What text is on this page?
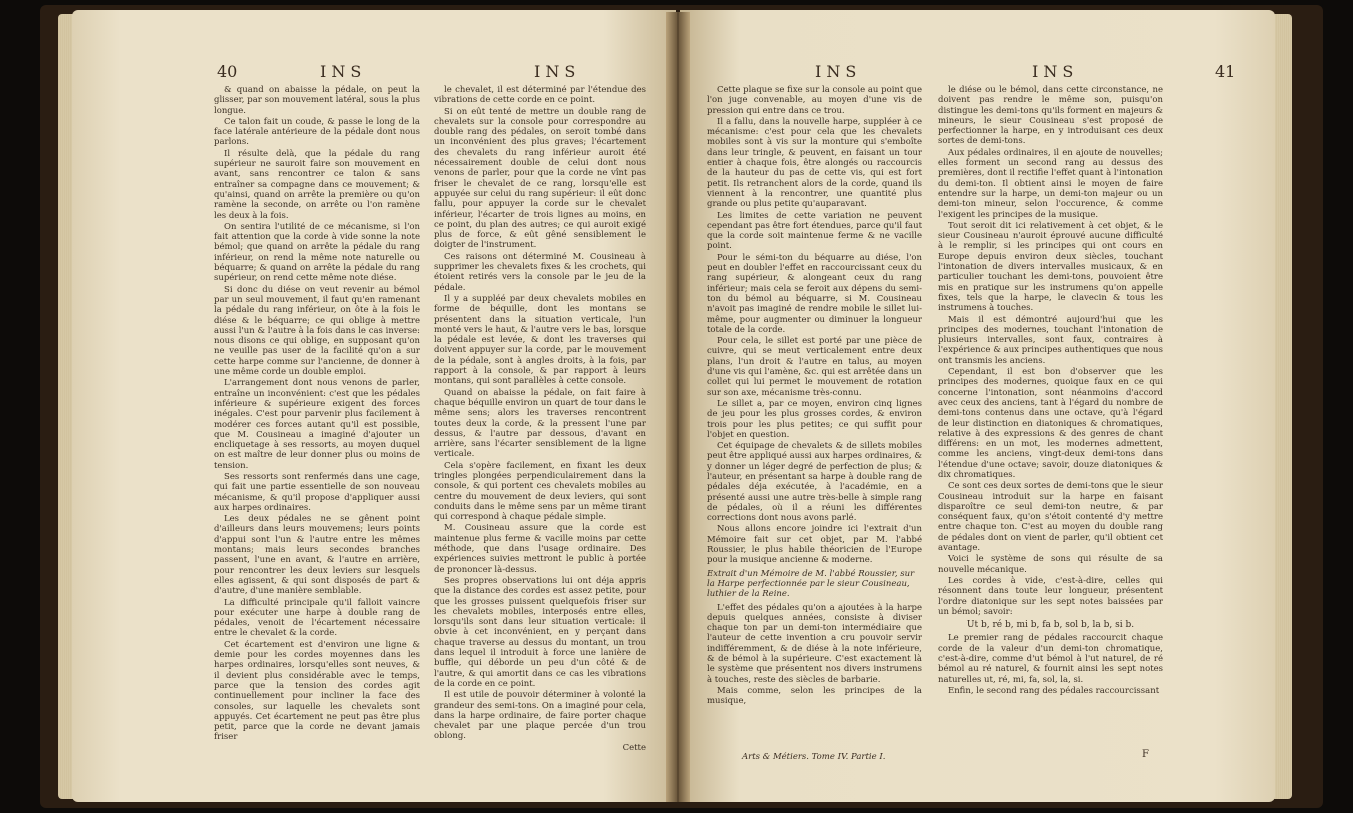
40	INS	INS

& quand on abaisse la pédale, on peut la glisser, par son mouvement latéral, sous la plus longue.

Ce talon fait un coude, & passe le long de la face latérale antérieure de la pédale dont nous parlons.

Il résulte delà, que la pédale du rang supérieur ne sauroit faire son mouvement en avant, sans rencontrer ce talon & sans entraîner sa compagne dans ce mouvement; & qu'ainsi, quand on arrête la première ou qu'on ramène la seconde, on arrête ou l'on ramène les deux à la fois.

On sentira l'utilité de ce mécanisme, si l'on fait attention que la corde à vide sonne la note bémol; que quand on arrête la pédale du rang inférieur, on rend la même note naturelle ou béquarre; & quand on arrête la pédale du rang supérieur, on rend cette même note diése.

Si donc du diése on veut revenir au bémol par un seul mouvement, il faut qu'en ramenant la pédale du rang inférieur, on ôte à la fois le diése & le béquarre; ce qui oblige à mettre aussi l'un & l'autre à la fois dans le cas inverse: nous disons ce qui oblige, en supposant qu'on ne veuille pas user de la facilité qu'on a sur cette harpe comme sur l'ancienne, de donner à une même corde un double emploi.

L'arrangement dont nous venons de parler, entraîne un inconvénient: c'est que les pédales inférieure & supérieure exigent des forces inégales. C'est pour parvenir plus facilement à modérer ces forces autant qu'il est possible, que M. Cousineau a imaginé d'ajouter un encliquetage à ses ressorts, au moyen duquel on est maître de leur donner plus ou moins de tension.

Ses ressorts sont renfermés dans une cage, qui fait une partie essentielle de son nouveau mécanisme, & qu'il propose d'appliquer aussi aux harpes ordinaires.

Les deux pédales ne se gênent point d'ailleurs dans leurs mouvemens; leurs points d'appui sont l'un & l'autre entre les mêmes montans; mais leurs secondes branches passent, l'une en avant, & l'autre en arrière, pour rencontrer les deux leviers sur lesquels elles agissent, & qui sont disposés de part & d'autre, d'une manière semblable.

La difficulté principale qu'il falloit vaincre pour exécuter une harpe à double rang de pédales, venoit de l'écartement nécessaire entre le chevalet & la corde.

Cet écartement est d'environ une ligne & demie pour les cordes moyennes dans les harpes ordinaires, lorsqu'elles sont neuves, & il devient plus considérable avec le temps, parce que la tension des cordes agit continuellement pour incliner la face des consoles, sur laquelle les chevalets sont appuyés. Cet écartement ne peut pas être plus petit, parce que la corde ne devant jamais friser

le chevalet, il est déterminé par l'étendue des vibrations de cette corde en ce point.

Si on eût tenté de mettre un double rang de chevalets sur la console pour correspondre au double rang des pédales, on seroit tombé dans un inconvénient des plus graves; l'écartement des chevalets du rang inférieur auroit été nécessairement double de celui dont nous venons de parler, pour que la corde ne vînt pas friser le chevalet de ce rang, lorsqu'elle est appuyée sur celui du rang supérieur: il eût donc fallu, pour appuyer la corde sur le chevalet inférieur, l'écarter de trois lignes au moins, en ce point, du plan des autres; ce qui auroit exigé plus de force, & eût gêné sensiblement le doigter de l'instrument.

Ces raisons ont déterminé M. Cousineau à supprimer les chevalets fixes & les crochets, qui étoient retirés vers la console par le jeu de la pédale.

Il y a suppléé par deux chevalets mobiles en forme de béquille, dont les montans se présentent dans la situation verticale, l'un monté vers le haut, & l'autre vers le bas, lorsque la pédale est levée, & dont les traverses qui doivent appuyer sur la corde, par le mouvement de la pédale, sont à angles droits, à la fois, par rapport à la console, & par rapport à leurs montans, qui sont parallèles à cette console.

Quand on abaisse la pédale, on fait faire à chaque béquille environ un quart de tour dans le même sens; alors les traverses rencontrent toutes deux la corde, & la pressent l'une par dessus, & l'autre par dessous, d'avant en arrière, sans l'écarter sensiblement de la ligne verticale.

Cela s'opère facilement, en fixant les deux tringles plongées perpendiculairement dans la console, & qui portent ces chevalets mobiles au centre du mouvement de deux leviers, qui sont conduits dans le même sens par un même tirant qui correspond à chaque pédale simple.

M. Cousineau assure que la corde est maintenue plus ferme & vacille moins par cette méthode, que dans l'usage ordinaire. Des expériences suivies mettront le public à portée de prononcer là-dessus.

Ses propres observations lui ont déja appris que la distance des cordes est assez petite, pour que les grosses puissent quelquefois friser sur les chevalets mobiles, interposés entre elles, lorsqu'ils sont dans leur situation verticale: il obvie à cet inconvénient, en y perçant dans chaque traverse au dessus du montant, un trou dans lequel il introduit à force une lanière de buffle, qui déborde un peu d'un côté & de l'autre, & qui amortit dans ce cas les vibrations de la corde en ce point.

Il est utile de pouvoir déterminer à volonté la grandeur des semi-tons. On a imaginé pour cela, dans la harpe ordinaire, de faire porter chaque chevalet par une plaque percée d'un trou oblong.

Cette

INS	INS	41

Cette plaque se fixe sur la console au point que l'on juge convenable, au moyen d'une vis de pression qui entre dans ce trou.

Il a fallu, dans la nouvelle harpe, suppléer à ce mécanisme: c'est pour cela que les chevalets mobiles sont à vis sur la monture qui s'emboîte dans leur tringle, & peuvent, en faisant un tour entier à chaque fois, être alongés ou raccourcis de la hauteur du pas de cette vis, qui est fort petit. Ils retranchent alors de la corde, quand ils viennent à la rencontrer, une quantité plus grande ou plus petite qu'auparavant.

Les limites de cette variation ne peuvent cependant pas être fort étendues, parce qu'il faut que la corde soit maintenue ferme & ne vacille point.

Pour le sémi-ton du béquarre au diése, l'on peut en doubler l'effet en raccourcissant ceux du rang supérieur, & alongeant ceux du rang inférieur; mais cela se feroit aux dépens du semi-ton du bémol au béquarre, si M. Cousineau n'avoit pas imaginé de rendre mobile le sillet lui-même, pour augmenter ou diminuer la longueur totale de la corde.

Pour cela, le sillet est porté par une pièce de cuivre, qui se meut verticalement entre deux plans, l'un droit & l'autre en talus, au moyen d'une vis qui l'amène, &c. qui est arrêtée dans un collet qui lui permet le mouvement de rotation sur son axe, mécanisme très-connu.

Le sillet a, par ce moyen, environ cinq lignes de jeu pour les plus grosses cordes, & environ trois pour les plus petites; ce qui suffit pour l'objet en question.

Cet équipage de chevalets & de sillets mobiles peut être appliqué aussi aux harpes ordinaires, & y donner un léger degré de perfection de plus; & l'auteur, en présentant sa harpe à double rang de pédales déja exécutée, à l'académie, en a présenté aussi une autre très-belle à simple rang de pédales, où il a réuni les différentes corrections dont nous avons parlé.

Nous allons encore joindre ici l'extrait d'un Mémoire fait sur cet objet, par M. l'abbé Roussier, le plus habile théoricien de l'Europe pour la musique ancienne & moderne.

Extrait d'un Mémoire de M. l'abbé Roussier, sur la Harpe perfectionnée par le sieur Cousineau, luthier de la Reine.

L'effet des pédales qu'on a ajoutées à la harpe depuis quelques années, consiste à diviser chaque ton par un demi-ton intermédiaire que l'auteur de cette invention a cru pouvoir servir indifféremment, & de diése à la note inférieure, & de bémol à la supérieure. C'est exactement là le système que présentent nos divers instrumens à touches, reste des siècles de barbarie.

Mais comme, selon les principes de la musique,

Arts & Métiers. Tome IV. Partie I.

le diése ou le bémol, dans cette circonstance, ne doivent pas rendre le même son, puisqu'on distingue les demi-tons qu'ils forment en majeurs & mineurs, le sieur Cousineau s'est proposé de perfectionner la harpe, en y introduisant ces deux sortes de demi-tons.

Aux pédales ordinaires, il en ajoute de nouvelles; elles forment un second rang au dessus des premières, dont il rectifie l'effet quant à l'intonation du demi-ton. Il obtient ainsi le moyen de faire entendre sur la harpe, un demi-ton majeur ou un demi-ton mineur, selon l'occurence, & comme l'exigent les principes de la musique.

Tout seroit dit ici relativement à cet objet, & le sieur Cousineau n'auroit éprouvé aucune difficulté à le remplir, si les principes qui ont cours en Europe depuis environ deux siècles, touchant l'intonation de divers intervalles musicaux, & en particulier touchant les demi-tons, pouvoient être mis en pratique sur les instrumens qu'on appelle fixes, tels que la harpe, le clavecin & tous les instrumens à touches.

Mais il est démontré aujourd'hui que les principes des modernes, touchant l'intonation de plusieurs intervalles, sont faux, contraires à l'expérience & aux principes authentiques que nous ont transmis les anciens.

Cependant, il est bon d'observer que les principes des modernes, quoique faux en ce qui concerne l'intonation, sont néanmoins d'accord avec ceux des anciens, tant à l'égard du nombre de demi-tons contenus dans une octave, qu'à l'égard de leur distinction en diatoniques & chromatiques, relative à des expressions & des genres de chant différens: en un mot, les modernes admettent, comme les anciens, vingt-deux demi-tons dans l'étendue d'une octave; savoir, douze diatoniques & dix chromatiques.

Ce sont ces deux sortes de demi-tons que le sieur Cousineau introduit sur la harpe en faisant disparoître ce seul demi-ton neutre, & par conséquent faux, qu'on s'étoit contenté d'y mettre entre chaque ton. C'est au moyen du double rang de pédales dont on vient de parler, qu'il obtient cet avantage.

Voici le système de sons qui résulte de sa nouvelle mécanique.

Les cordes à vide, c'est-à-dire, celles qui résonnent dans toute leur longueur, présentent l'ordre diatonique sur les sept notes baissées par un bémol; savoir:

Ut b, ré b, mi b, fa b, sol b, la b, si b.

Le premier rang de pédales raccourcit chaque corde de la valeur d'un demi-ton chromatique, c'est-à-dire, comme d'ut bémol à l'ut naturel, de ré bémol au ré naturel, & fournit ainsi les sept notes naturelles ut, ré, mi, fa, sol, la, si.

Enfin, le second rang des pédales raccourcissant

F
